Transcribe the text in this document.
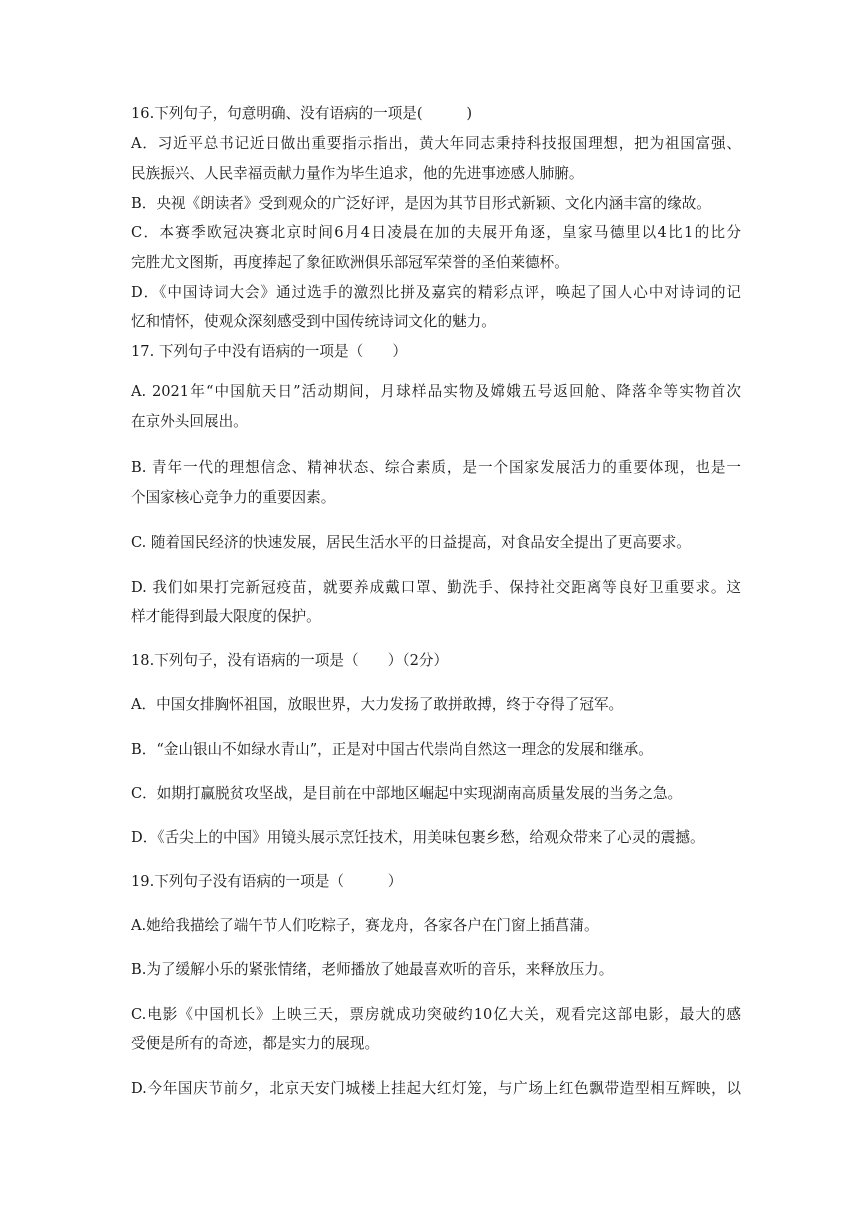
16.下列句子，句意明确、没有语病的一项是(　　　)
A．习近平总书记近日做出重要指示指出，黄大年同志秉持科技报国理想，把为祖国富强、
民族振兴、人民幸福贡献力量作为毕生追求，他的先进事迹感人肺腑。
B．央视《朗读者》受到观众的广泛好评，是因为其节目形式新颖、文化内涵丰富的缘故。
C．本赛季欧冠决赛北京时间6月4日凌晨在加的夫展开角逐，皇家马德里以4比1的比分
完胜尤文图斯，再度捧起了象征欧洲俱乐部冠军荣誉的圣伯莱德杯。
D．《中国诗词大会》通过选手的激烈比拼及嘉宾的精彩点评，唤起了国人心中对诗词的记
忆和情怀，使观众深刻感受到中国传统诗词文化的魅力。
17. 下列句子中没有语病的一项是（　　）
A. 2021年“中国航天日”活动期间，月球样品实物及嫦娥五号返回舱、降落伞等实物首次
在京外头回展出。
B. 青年一代的理想信念、精神状态、综合素质，是一个国家发展活力的重要体现，也是一
个国家核心竞争力的重要因素。
C. 随着国民经济的快速发展，居民生活水平的日益提高，对食品安全提出了更高要求。
D. 我们如果打完新冠疫苗，就要养成戴口罩、勤洗手、保持社交距离等良好卫重要求。这
样才能得到最大限度的保护。
18.下列句子，没有语病的一项是（　　）（2分）
A．中国女排胸怀祖国，放眼世界，大力发扬了敢拼敢搏，终于夺得了冠军。
B．“金山银山不如绿水青山”，正是对中国古代崇尚自然这一理念的发展和继承。
C．如期打赢脱贫攻坚战，是目前在中部地区崛起中实现湖南高质量发展的当务之急。
D．《舌尖上的中国》用镜头展示烹饪技术，用美味包裹乡愁，给观众带来了心灵的震撼。
19.下列句子没有语病的一项是（　　　）
A.她给我描绘了端午节人们吃粽子，赛龙舟，各家各户在门窗上插菖蒲。
B.为了缓解小乐的紧张情绪，老师播放了她最喜欢听的音乐，来释放压力。
C.电影《中国机长》上映三天，票房就成功突破约10亿大关，观看完这部电影，最大的感
受便是所有的奇迹，都是实力的展现。
D.今年国庆节前夕，北京天安门城楼上挂起大红灯笼，与广场上红色飘带造型相互辉映，以
